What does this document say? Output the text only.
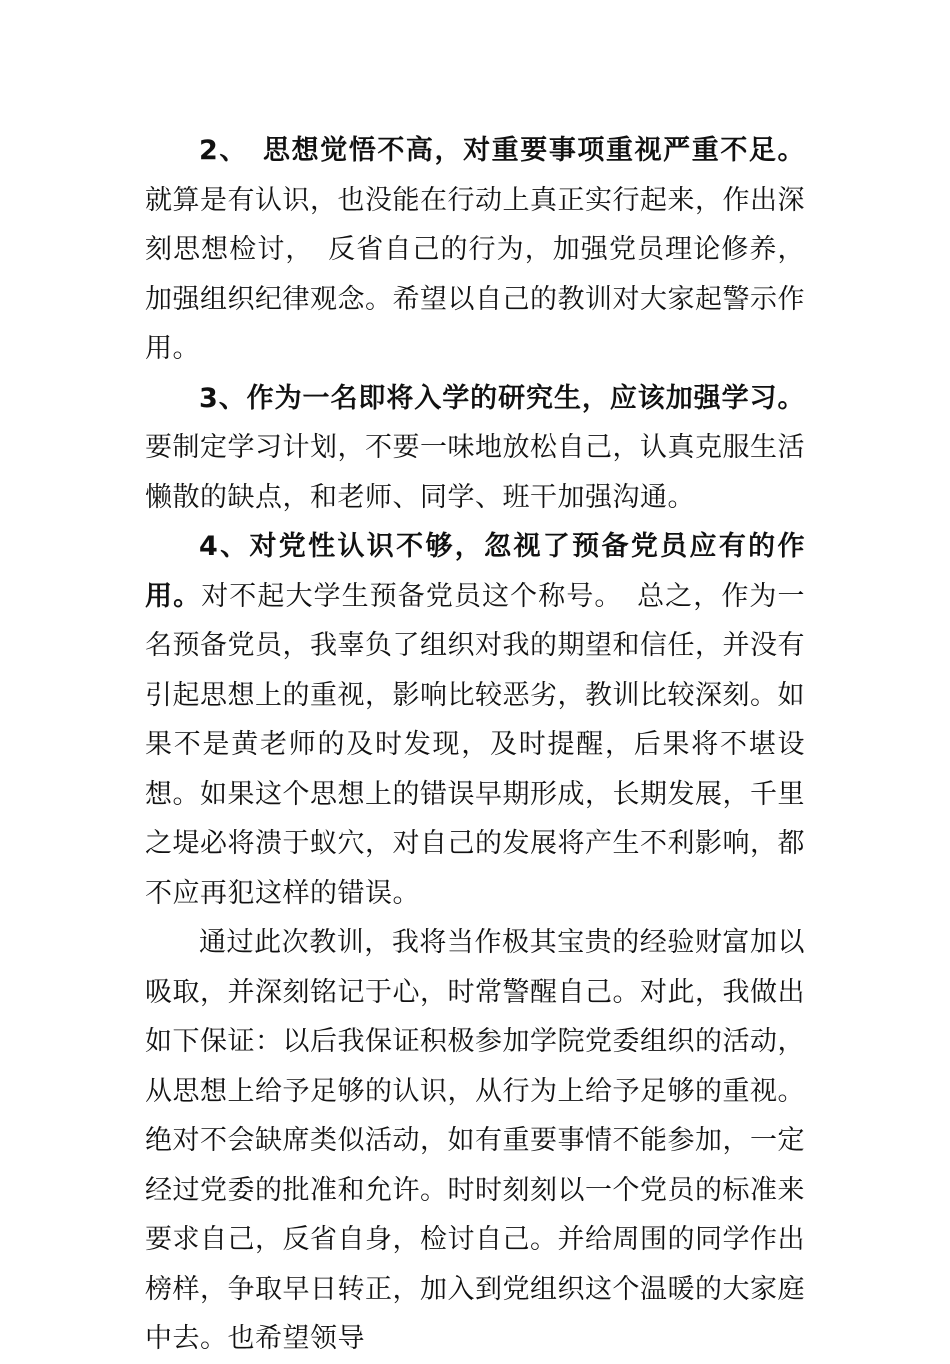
2、　思想觉悟不高，对重要事项重视严重不足。就算是有认识，也没能在行动上真正实行起来，作出深刻思想检讨，　反省自己的行为，加强党员理论修养，加强组织纪律观念。希望以自己的教训对大家起警示作用。

3、作为一名即将入学的研究生，应该加强学习。要制定学习计划，不要一味地放松自己，认真克服生活懒散的缺点，和老师、同学、班干加强沟通。

4、对党性认识不够，忽视了预备党员应有的作用。对不起大学生预备党员这个称号。　总之，作为一名预备党员，我辜负了组织对我的期望和信任，并没有引起思想上的重视，影响比较恶劣，教训比较深刻。如果不是黄老师的及时发现，及时提醒，后果将不堪设想。如果这个思想上的错误早期形成，长期发展，千里之堤必将溃于蚁穴，对自己的发展将产生不利影响，都不应再犯这样的错误。

通过此次教训，我将当作极其宝贵的经验财富加以吸取，并深刻铭记于心，时常警醒自己。对此，我做出如下保证：以后我保证积极参加学院党委组织的活动，从思想上给予足够的认识，从行为上给予足够的重视。绝对不会缺席类似活动，如有重要事情不能参加，一定经过党委的批准和允许。时时刻刻以一个党员的标准来要求自己，反省自身，检讨自己。并给周围的同学作出榜样，争取早日转正，加入到党组织这个温暖的大家庭中去。也希望领导
